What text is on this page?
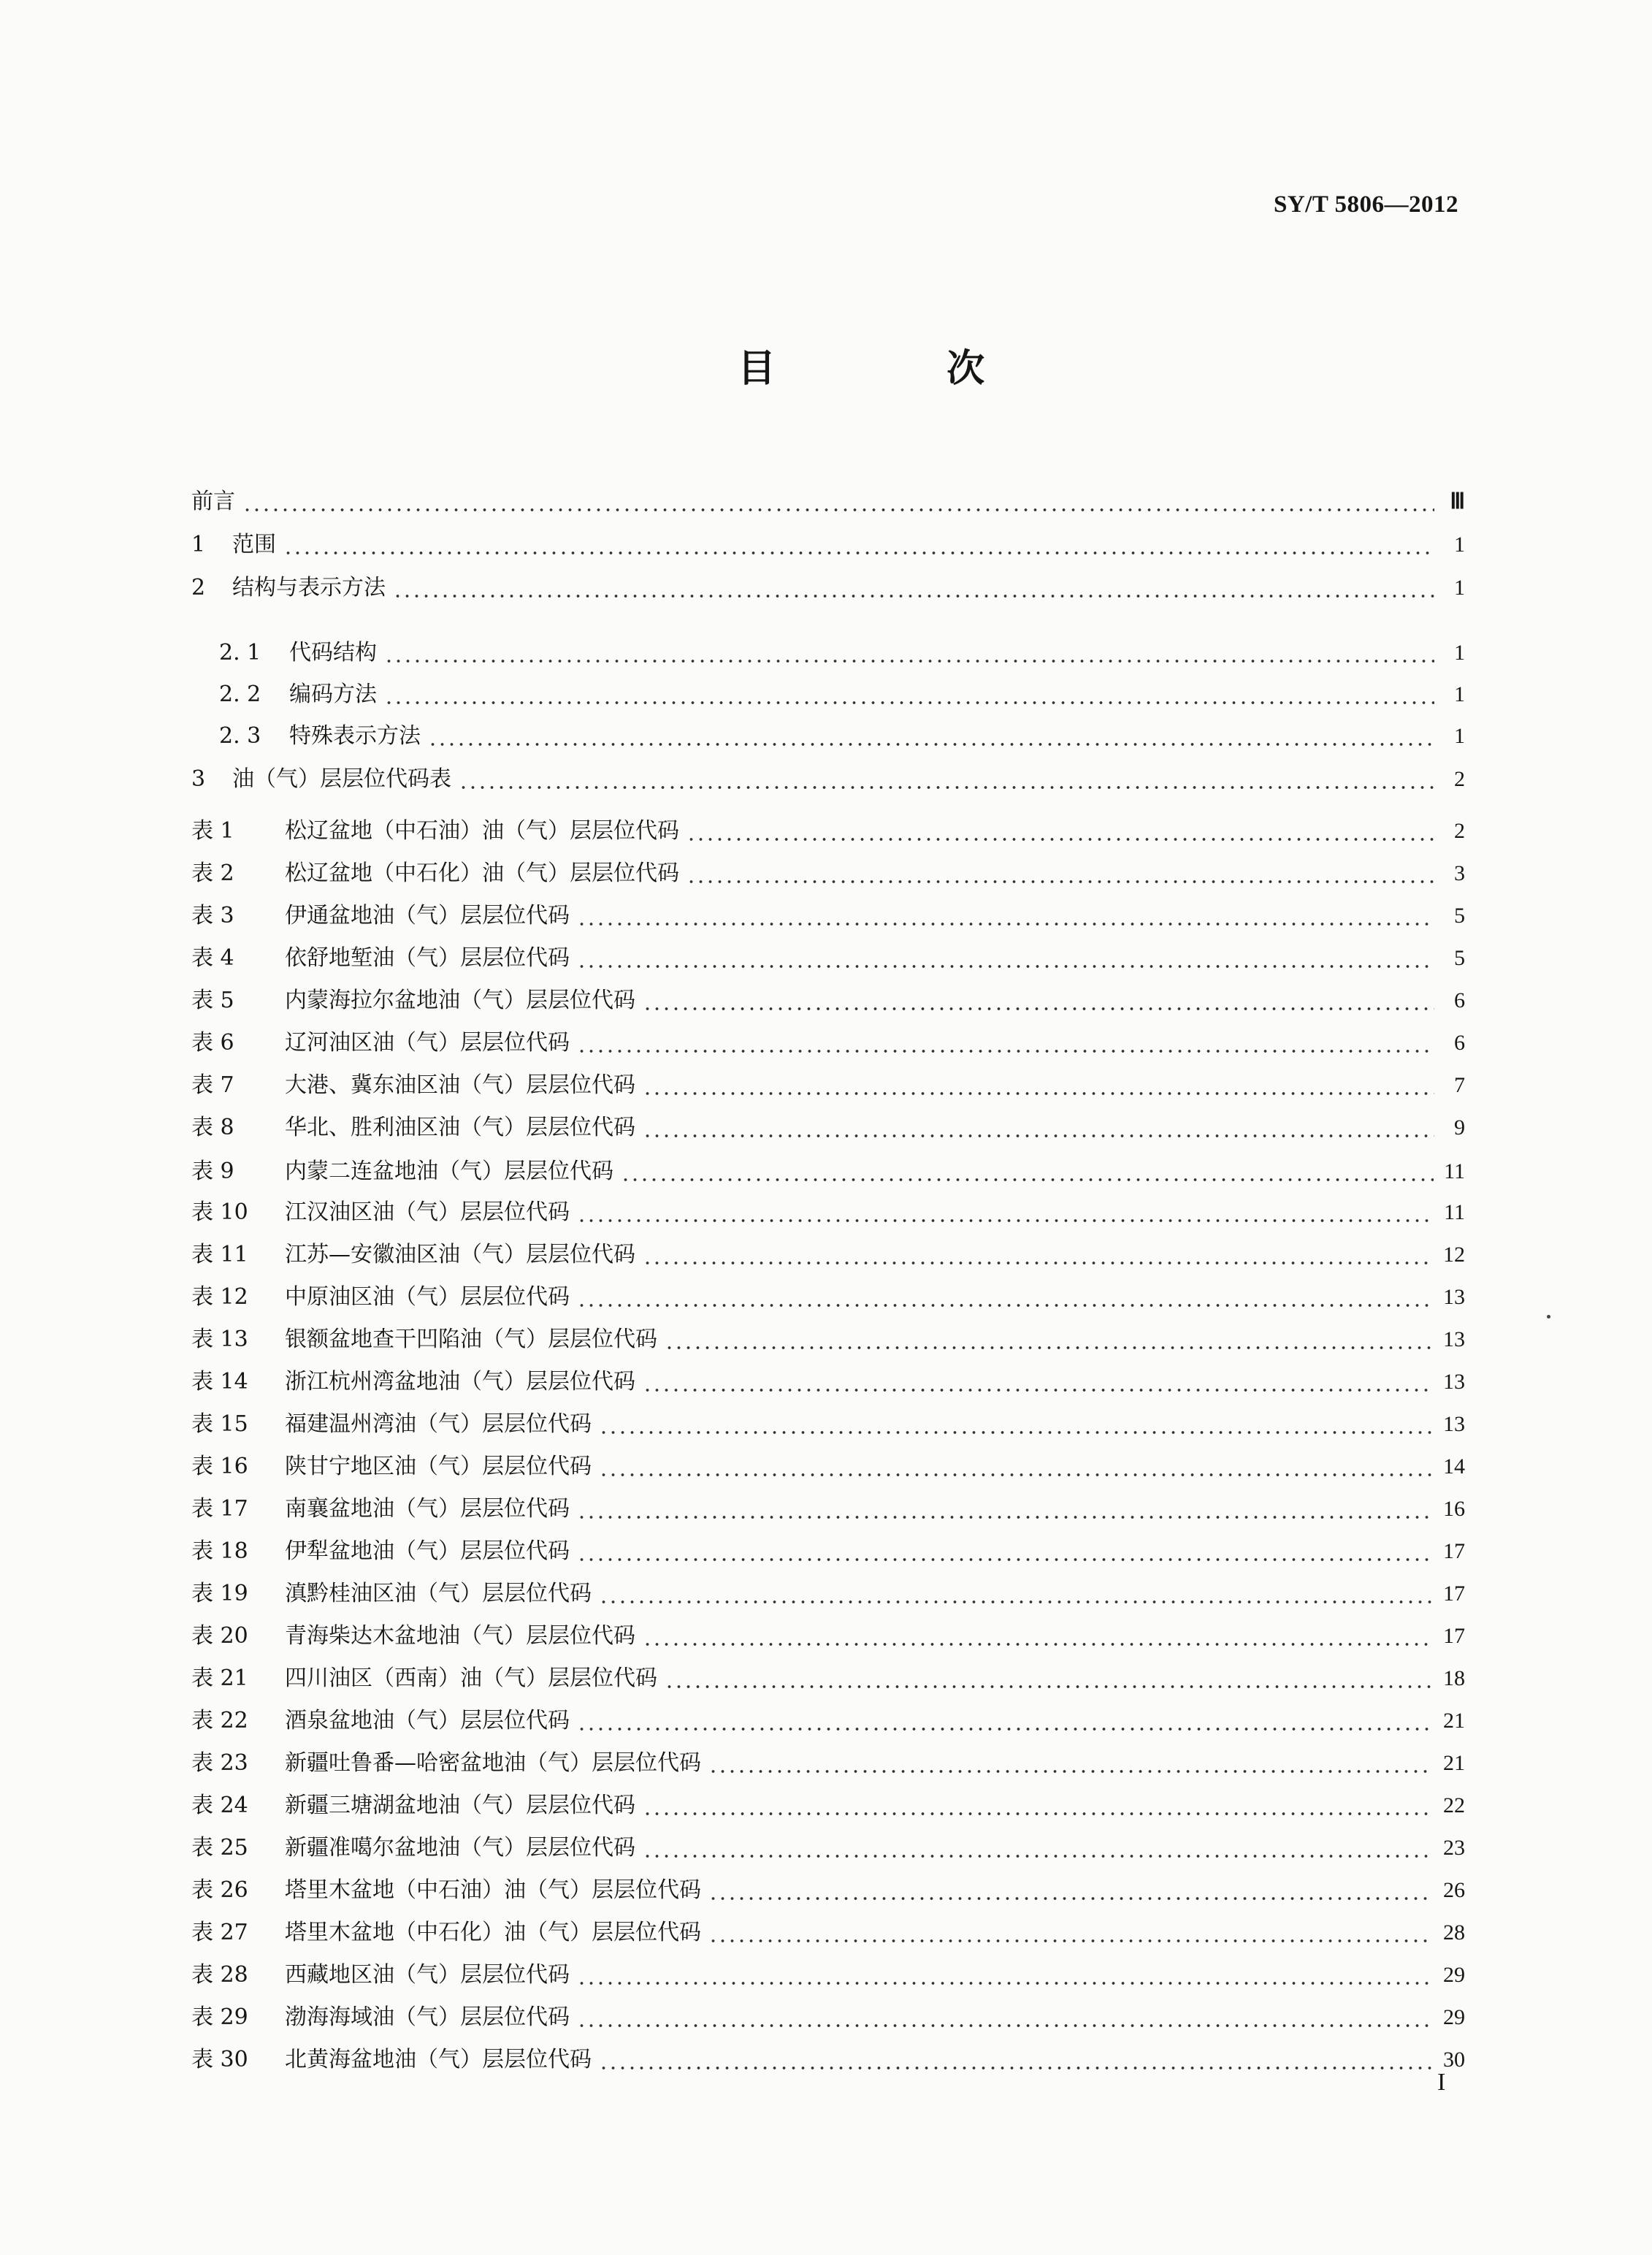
SY/T 5806—2012
目 次
前言	Ⅲ
1	范围	1
2	结构与表示方法	1
2. 1	代码结构	1
2. 2	编码方法	1
2. 3	特殊表示方法	1
3	油（气）层层位代码表	2
表 1	松辽盆地（中石油）油（气）层层位代码	2
表 2	松辽盆地（中石化）油（气）层层位代码	3
表 3	伊通盆地油（气）层层位代码	5
表 4	依舒地堑油（气）层层位代码	5
表 5	内蒙海拉尔盆地油（气）层层位代码	6
表 6	辽河油区油（气）层层位代码	6
表 7	大港、冀东油区油（气）层层位代码	7
表 8	华北、胜利油区油（气）层层位代码	9
表 9	内蒙二连盆地油（气）层层位代码	11
表 10	江汉油区油（气）层层位代码	11
表 11	江苏—安徽油区油（气）层层位代码	12
表 12	中原油区油（气）层层位代码	13
表 13	银额盆地查干凹陷油（气）层层位代码	13
表 14	浙江杭州湾盆地油（气）层层位代码	13
表 15	福建温州湾油（气）层层位代码	13
表 16	陕甘宁地区油（气）层层位代码	14
表 17	南襄盆地油（气）层层位代码	16
表 18	伊犁盆地油（气）层层位代码	17
表 19	滇黔桂油区油（气）层层位代码	17
表 20	青海柴达木盆地油（气）层层位代码	17
表 21	四川油区（西南）油（气）层层位代码	18
表 22	酒泉盆地油（气）层层位代码	21
表 23	新疆吐鲁番—哈密盆地油（气）层层位代码	21
表 24	新疆三塘湖盆地油（气）层层位代码	22
表 25	新疆准噶尔盆地油（气）层层位代码	23
表 26	塔里木盆地（中石油）油（气）层层位代码	26
表 27	塔里木盆地（中石化）油（气）层层位代码	28
表 28	西藏地区油（气）层层位代码	29
表 29	渤海海域油（气）层层位代码	29
表 30	北黄海盆地油（气）层层位代码	30
I
